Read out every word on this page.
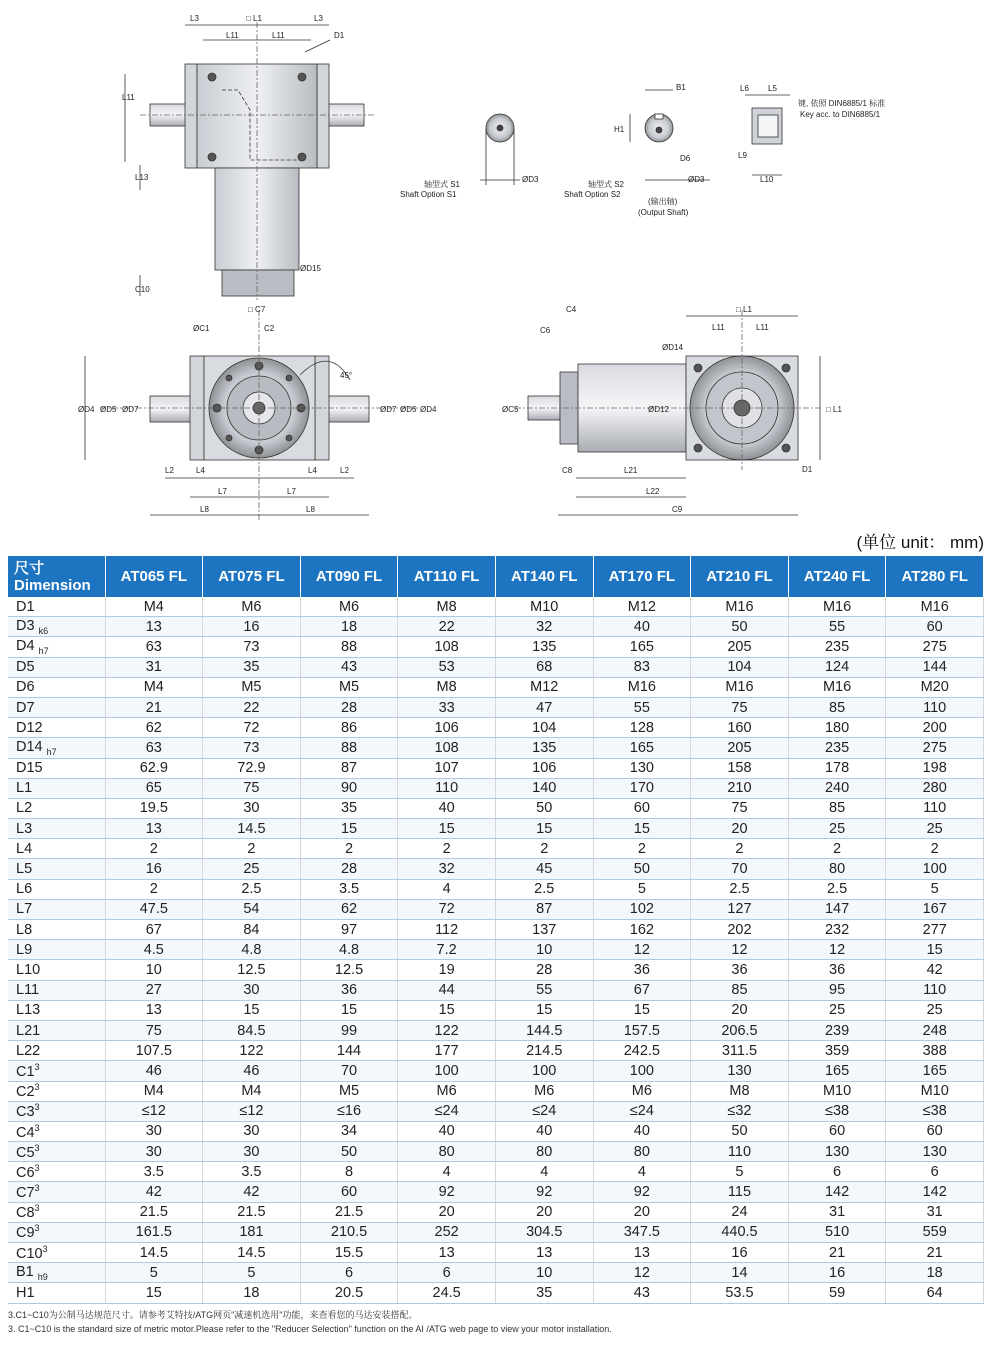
L3	□ L1	L3
L11	L11	D1
L11
L13
ØD15
C10
□ C7
ØC1	C2
45°
ØD4 ØD5 ØD7	ØD7 ØD5 ØD4
L2	L4	L4	L2
L7	L7
L8	L8
ØD3
轴型式 S1
Shaft Option S1
B1
H1
D6
ØD3
轴型式 S2
Shaft Option S2
(输出轴)
(Output Shaft)
L6 L5
键, 依照 DIN6885/1 标准
Key acc. to DIN6885/1
L9
L10
C4
C6
ØD14
□ L1
L11	L11
ØC5	ØD12	□ L1
D1
C8	L21
L22
C9
(单位 unit： mm)
尺寸
Dimension	AT065 FL	AT075 FL	AT090 FL	AT110 FL	AT140 FL	AT170 FL	AT210 FL	AT240 FL	AT280 FL
D1	M4	M6	M6	M8	M10	M12	M16	M16	M16
D3 $_{k6}$	13	16	18	22	32	40	50	55	60
D4 $_{h7}$	63	73	88	108	135	165	205	235	275
D5	31	35	43	53	68	83	104	124	144
D6	M4	M5	M5	M8	M12	M16	M16	M16	M20
D7	21	22	28	33	47	55	75	85	110
D12	62	72	86	106	104	128	160	180	200
D14 $_{h7}$	63	73	88	108	135	165	205	235	275
D15	62.9	72.9	87	107	106	130	158	178	198
L1	65	75	90	110	140	170	210	240	280
L2	19.5	30	35	40	50	60	75	85	110
L3	13	14.5	15	15	15	15	20	25	25
L4	2	2	2	2	2	2	2	2	2
L5	16	25	28	32	45	50	70	80	100
L6	2	2.5	3.5	4	2.5	5	2.5	2.5	5
L7	47.5	54	62	72	87	102	127	147	167
L8	67	84	97	112	137	162	202	232	277
L9	4.5	4.8	4.8	7.2	10	12	12	12	15
L10	10	12.5	12.5	19	28	36	36	36	42
L11	27	30	36	44	55	67	85	95	110
L13	13	15	15	15	15	15	20	25	25
L21	75	84.5	99	122	144.5	157.5	206.5	239	248
L22	107.5	122	144	177	214.5	242.5	311.5	359	388
$C1^3$	46	46	70	100	100	100	130	165	165
$C2^3$	M4	M4	M5	M6	M6	M6	M8	M10	M10
$C3^3$	≤12	≤12	≤16	≤24	≤24	≤24	≤32	≤38	≤38
$C4^3$	30	30	34	40	40	40	50	60	60
$C5^3$	30	30	50	80	80	80	110	130	130
$C6^3$	3.5	3.5	8	4	4	4	5	6	6
$C7^3$	42	42	60	92	92	92	115	142	142
$C8^3$	21.5	21.5	21.5	20	20	20	24	31	31
$C9^3$	161.5	181	210.5	252	304.5	347.5	440.5	510	559
$C10^3$	14.5	14.5	15.5	13	13	13	16	21	21
B1 $_{h9}$	5	5	6	6	10	12	14	16	18
H1	15	18	20.5	24.5	35	43	53.5	59	64
3.C1~C10为公制马达规范尺寸。请参考艾特技/ATG网页"减速机选用"功能，来查看您的马达安装搭配。
3. C1~C10 is the standard size of metric motor.Please refer to the "Reducer Selection" function on the AI /ATG web page to view your motor installation.
